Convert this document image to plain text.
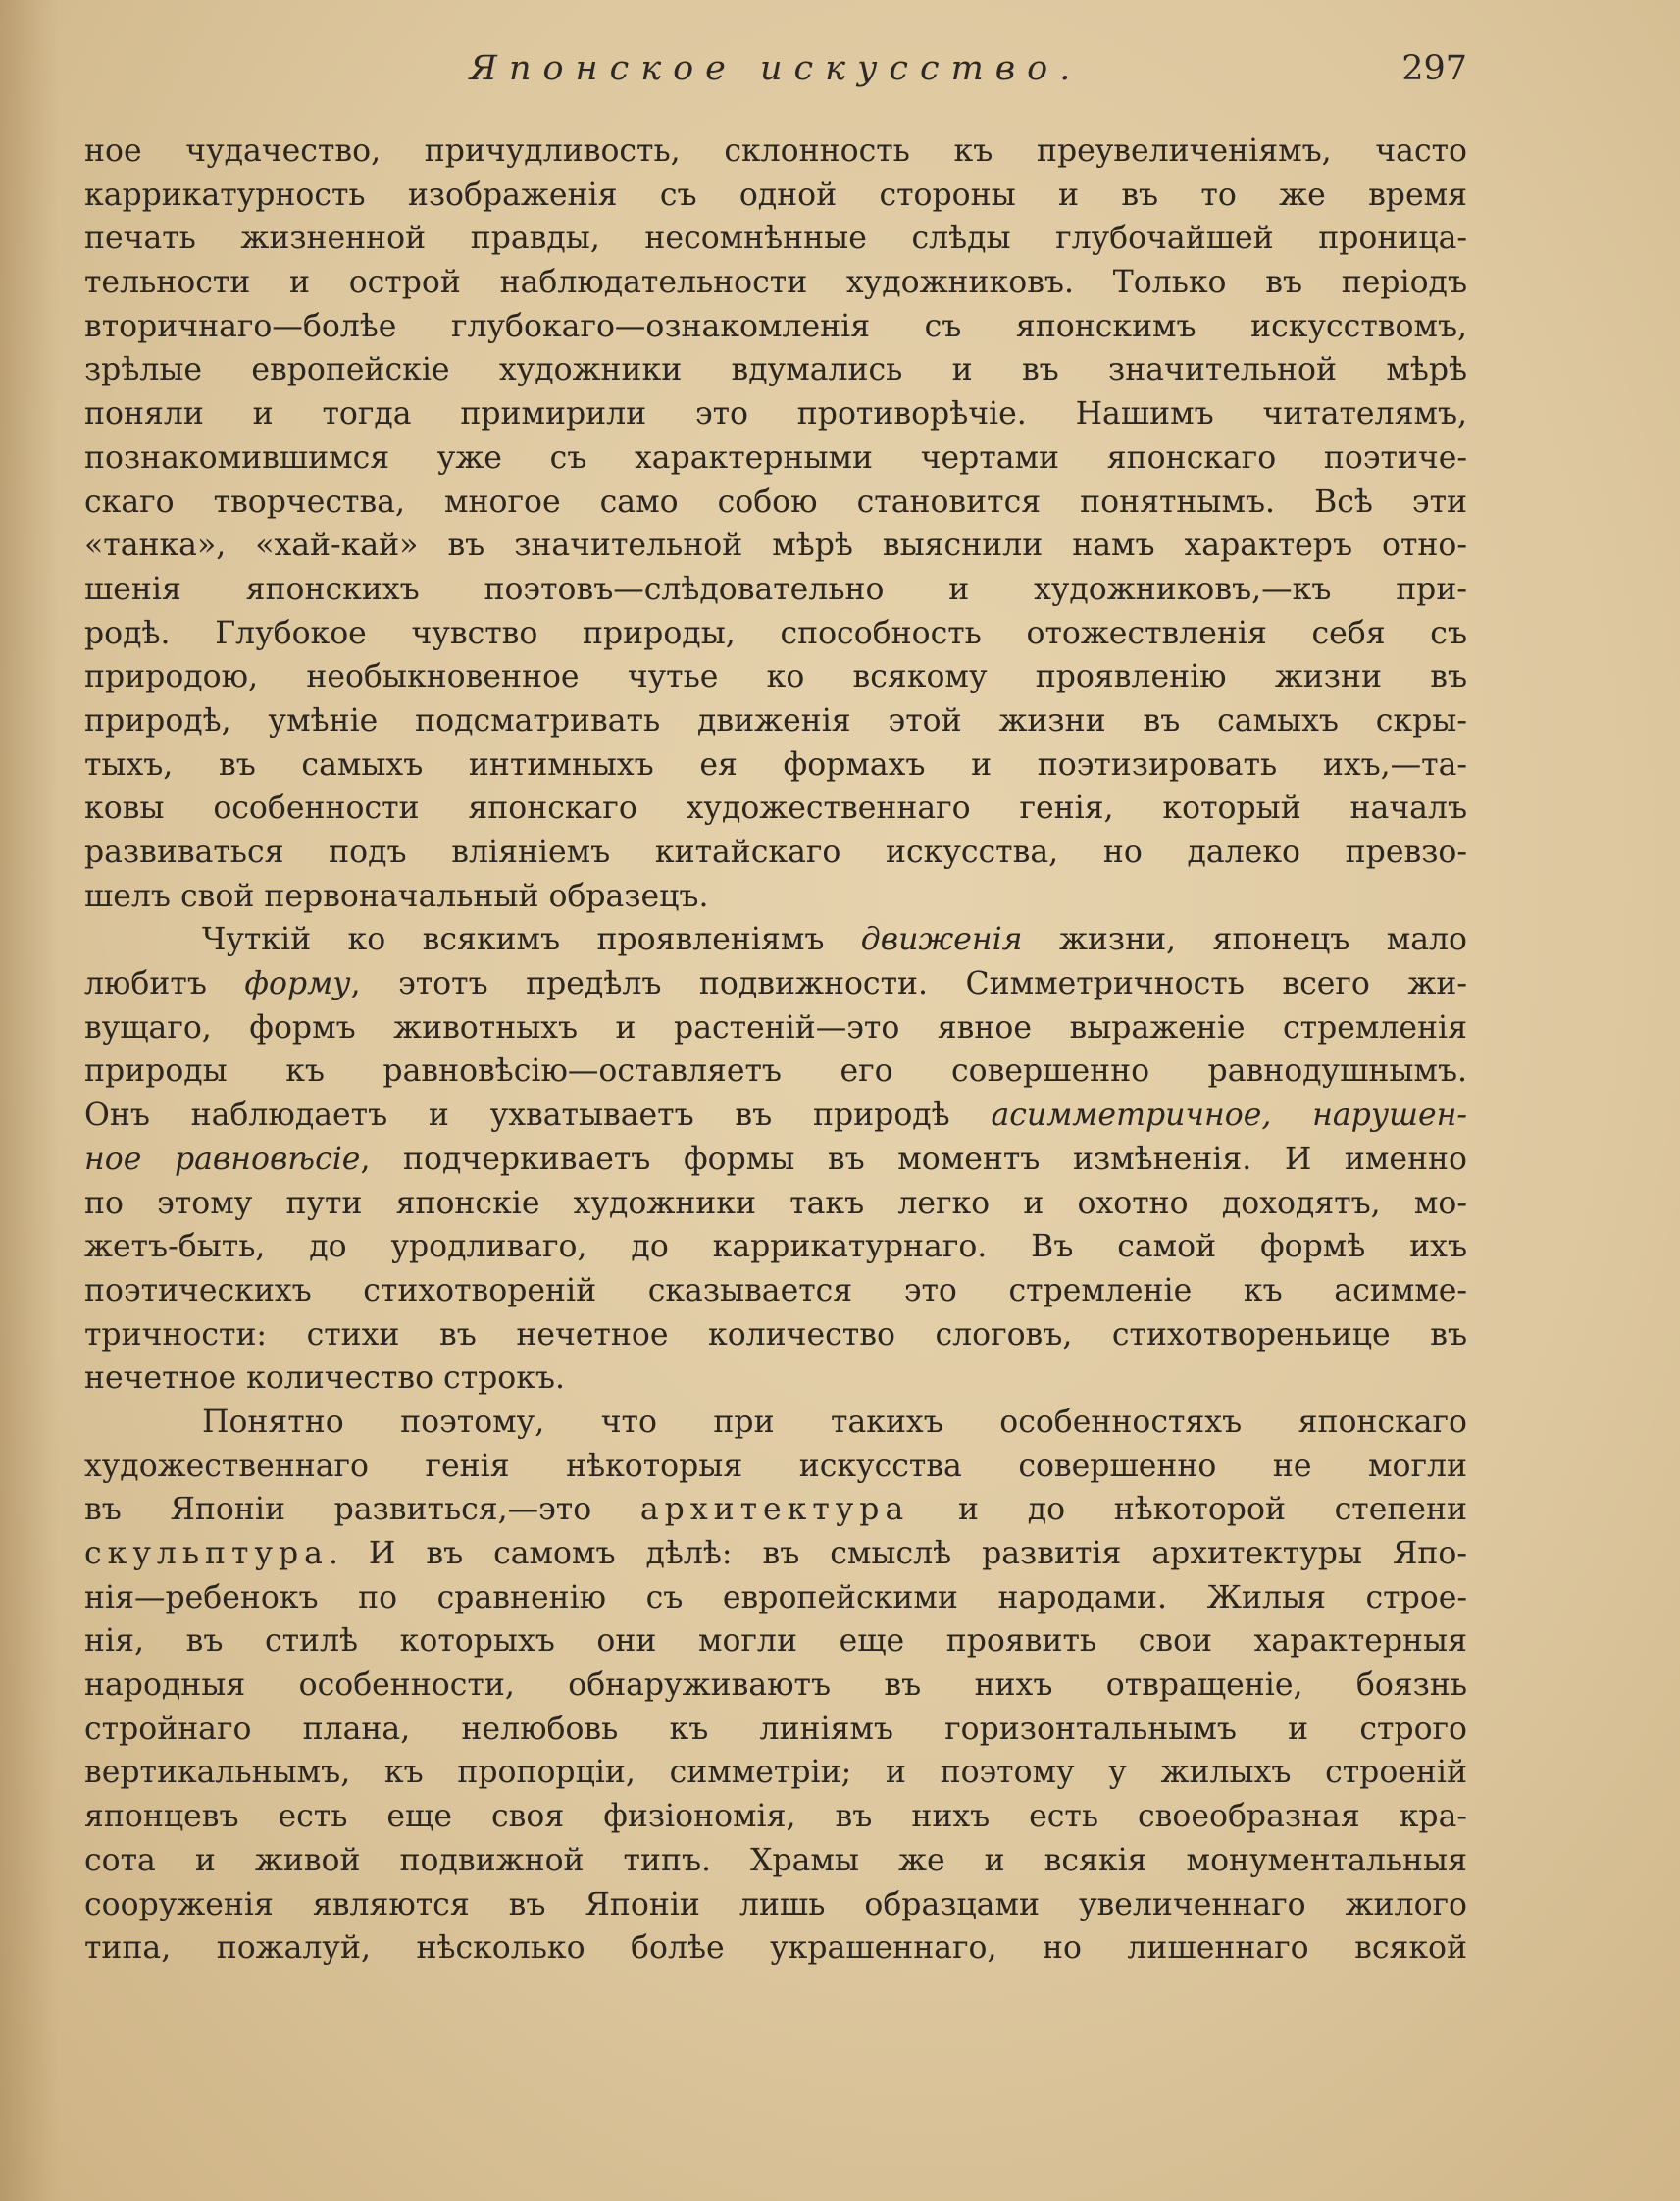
Японское искусство.	297
ное чудачество, причудливость, склонность къ преувеличеніямъ, часто
каррикатурность изображенія съ одной стороны и въ то же время
печать жизненной правды, несомнѣнные слѣды глубочайшей проница-
тельности и острой наблюдательности художниковъ. Только въ періодъ
вторичнаго—болѣе глубокаго—ознакомленія съ японскимъ искусствомъ,
зрѣлые европейскіе художники вдумались и въ значительной мѣрѣ
поняли и тогда примирили это противорѣчіе. Нашимъ читателямъ,
познакомившимся уже съ характерными чертами японскаго поэтиче-
скаго творчества, многое само собою становится понятнымъ. Всѣ эти
«танка», «хай-кай» въ значительной мѣрѣ выяснили намъ характеръ отно-
шенія японскихъ поэтовъ—слѣдовательно и художниковъ,—къ при-
родѣ. Глубокое чувство природы, способность отожествленія себя съ
природою, необыкновенное чутье ко всякому проявленію жизни въ
природѣ, умѣніе подсматривать движенія этой жизни въ самыхъ скры-
тыхъ, въ самыхъ интимныхъ ея формахъ и поэтизировать ихъ,—та-
ковы особенности японскаго художественнаго генія, который началъ
развиваться подъ вліяніемъ китайскаго искусства, но далеко превзо-
шелъ свой первоначальный образецъ.
Чуткій ко всякимъ проявленіямъ движенія жизни, японецъ мало
любитъ форму, этотъ предѣлъ подвижности. Симметричность всего жи-
вущаго, формъ животныхъ и растеній—это явное выраженіе стремленія
природы къ равновѣсію—оставляетъ его совершенно равнодушнымъ.
Онъ наблюдаетъ и ухватываетъ въ природѣ асимметричное, нарушен-
ное равновѣсіе, подчеркиваетъ формы въ моментъ измѣненія. И именно
по этому пути японскіе художники такъ легко и охотно доходятъ, мо-
жетъ-быть, до уродливаго, до каррикатурнаго. Въ самой формѣ ихъ
поэтическихъ стихотвореній сказывается это стремленіе къ асимме-
тричности: стихи въ нечетное количество слоговъ, стихотвореньице въ
нечетное количество строкъ.
Понятно поэтому, что при такихъ особенностяхъ японскаго
художественнаго генія нѣкоторыя искусства совершенно не могли
въ Японіи развиться,—это архитектура и до нѣкоторой степени
скульптура. И въ самомъ дѣлѣ: въ смыслѣ развитія архитектуры Япо-
нія—ребенокъ по сравненію съ европейскими народами. Жилыя строе-
нія, въ стилѣ которыхъ они могли еще проявить свои характерныя
народныя особенности, обнаруживаютъ въ нихъ отвращеніе, боязнь
стройнаго плана, нелюбовь къ линіямъ горизонтальнымъ и строго
вертикальнымъ, къ пропорціи, симметріи; и поэтому у жилыхъ строеній
японцевъ есть еще своя физіономія, въ нихъ есть своеобразная кра-
сота и живой подвижной типъ. Храмы же и всякія монументальныя
сооруженія являются въ Японіи лишь образцами увеличеннаго жилого
типа, пожалуй, нѣсколько болѣе украшеннаго, но лишеннаго всякой
